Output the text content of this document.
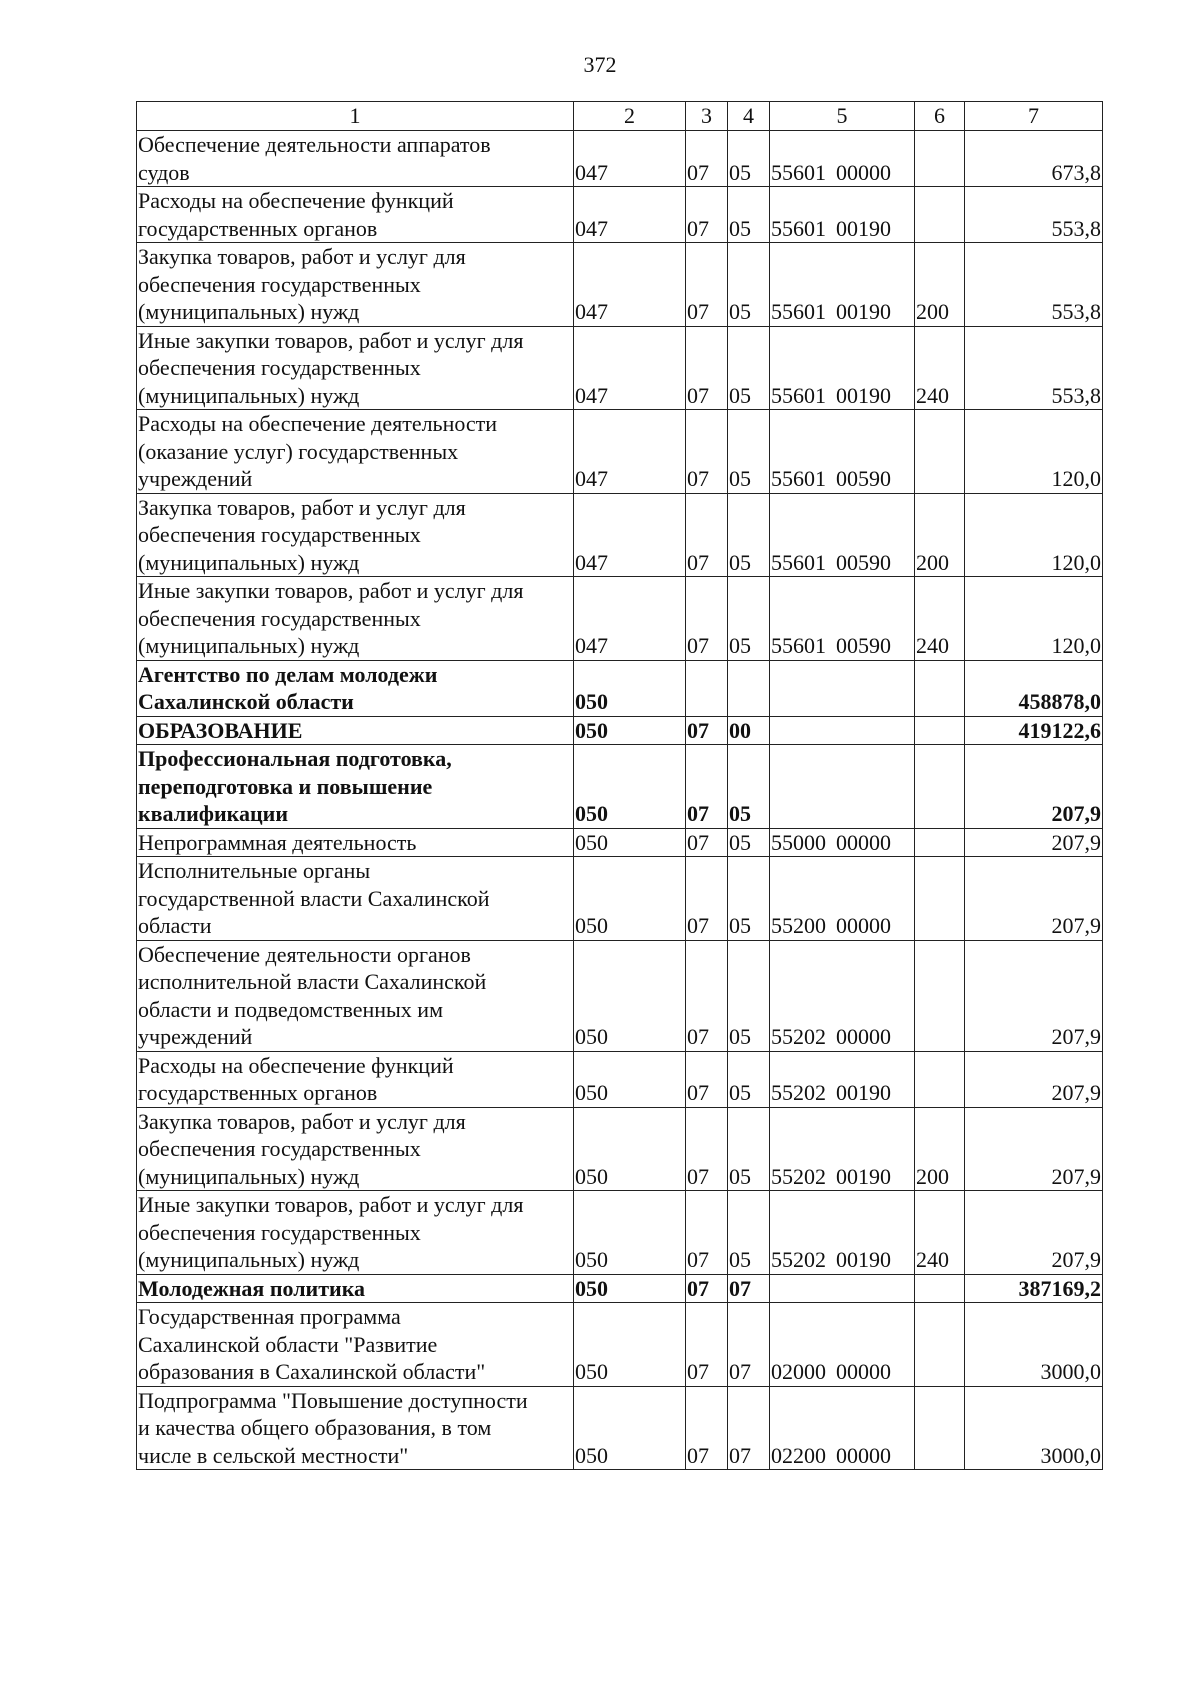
372
1	2	3	4	5	6	7

Обеспечение деятельности аппаратов
судов	047	07	05	55601 00000		673,8

Расходы на обеспечение функций
государственных органов	047	07	05	55601 00190		553,8

Закупка товаров, работ и услуг для
обеспечения государственных
(муниципальных) нужд	047	07	05	55601 00190	200	553,8

Иные закупки товаров, работ и услуг для
обеспечения государственных
(муниципальных) нужд	047	07	05	55601 00190	240	553,8

Расходы на обеспечение деятельности
(оказание услуг) государственных
учреждений	047	07	05	55601 00590		120,0

Закупка товаров, работ и услуг для
обеспечения государственных
(муниципальных) нужд	047	07	05	55601 00590	200	120,0

Иные закупки товаров, работ и услуг для
обеспечения государственных
(муниципальных) нужд	047	07	05	55601 00590	240	120,0

Агентство по делам молодежи
Сахалинской области	050					458878,0

ОБРАЗОВАНИЕ	050	07	00			419122,6

Профессиональная подготовка,
переподготовка и повышение
квалификации	050	07	05			207,9

Непрограммная деятельность	050	07	05	55000 00000		207,9

Исполнительные органы
государственной власти Сахалинской
области	050	07	05	55200 00000		207,9

Обеспечение деятельности органов
исполнительной власти Сахалинской
области и подведомственных им
учреждений	050	07	05	55202 00000		207,9

Расходы на обеспечение функций
государственных органов	050	07	05	55202 00190		207,9

Закупка товаров, работ и услуг для
обеспечения государственных
(муниципальных) нужд	050	07	05	55202 00190	200	207,9

Иные закупки товаров, работ и услуг для
обеспечения государственных
(муниципальных) нужд	050	07	05	55202 00190	240	207,9

Молодежная политика	050	07	07			387169,2

Государственная программа
Сахалинской области "Развитие
образования в Сахалинской области"	050	07	07	02000 00000		3000,0

Подпрограмма "Повышение доступности
и качества общего образования, в том
числе в сельской местности"	050	07	07	02200 00000		3000,0
